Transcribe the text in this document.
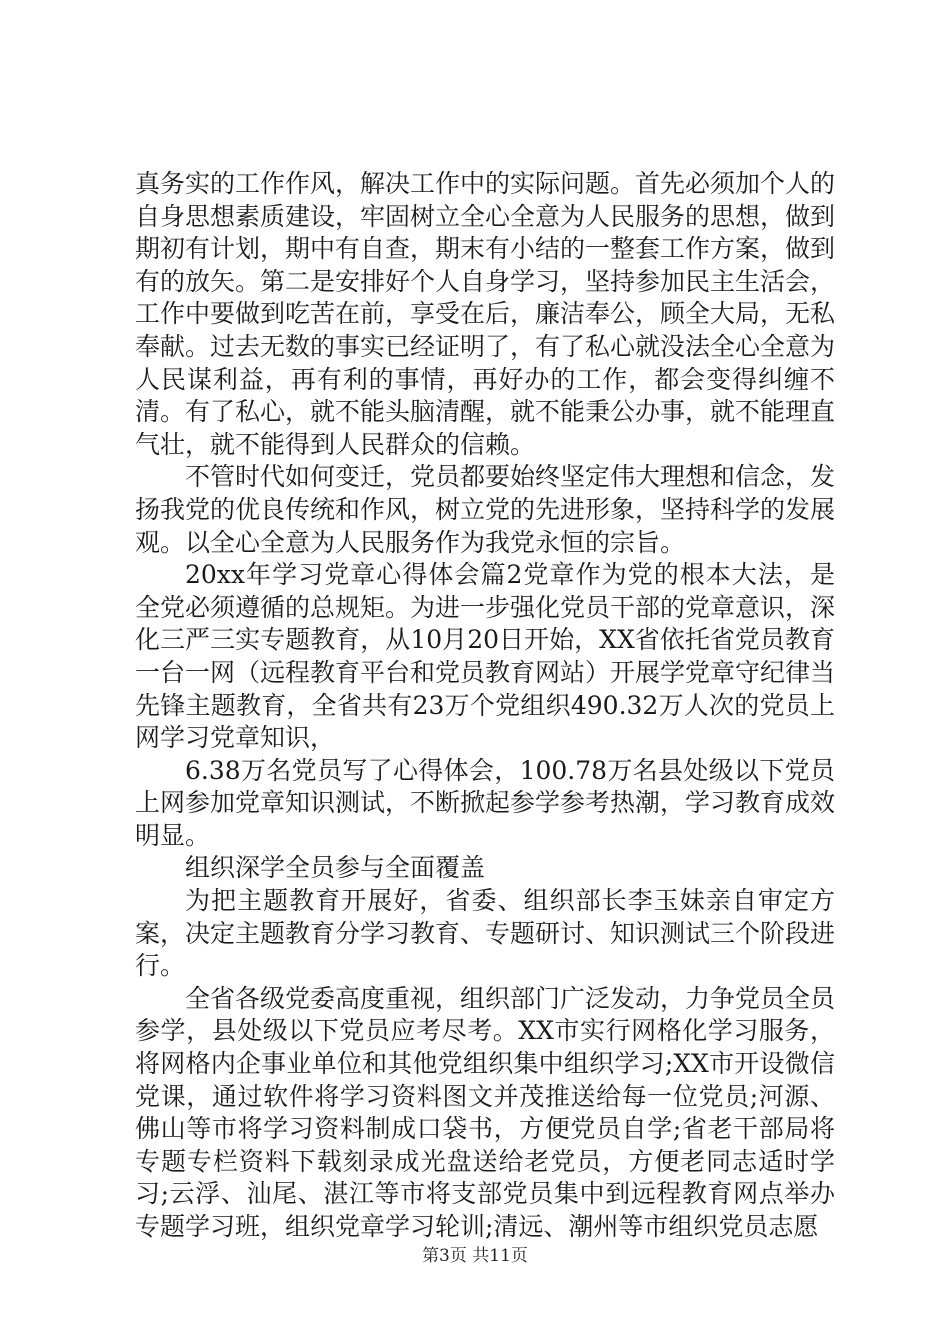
真务实的工作作风，解决工作中的实际问题。首先必须加个人的自身思想素质建设，牢固树立全心全意为人民服务的思想，做到期初有计划，期中有自查，期末有小结的一整套工作方案，做到有的放矢。第二是安排好个人自身学习，坚持参加民主生活会，工作中要做到吃苦在前，享受在后，廉洁奉公，顾全大局，无私奉献。过去无数的事实已经证明了，有了私心就没法全心全意为人民谋利益，再有利的事情，再好办的工作，都会变得纠缠不清。有了私心，就不能头脑清醒，就不能秉公办事，就不能理直气壮，就不能得到人民群众的信赖。

不管时代如何变迁，党员都要始终坚定伟大理想和信念，发扬我党的优良传统和作风，树立党的先进形象，坚持科学的发展观。以全心全意为人民服务作为我党永恒的宗旨。

20xx年学习党章心得体会篇2党章作为党的根本大法，是全党必须遵循的总规矩。为进一步强化党员干部的党章意识，深化三严三实专题教育，从10月20日开始，XX省依托省党员教育一台一网（远程教育平台和党员教育网站）开展学党章守纪律当先锋主题教育，全省共有23万个党组织490.32万人次的党员上网学习党章知识，

6.38万名党员写了心得体会，100.78万名县处级以下党员上网参加党章知识测试，不断掀起参学参考热潮，学习教育成效明显。

组织深学全员参与全面覆盖

为把主题教育开展好，省委、组织部长李玉妹亲自审定方案，决定主题教育分学习教育、专题研讨、知识测试三个阶段进行。

全省各级党委高度重视，组织部门广泛发动，力争党员全员参学，县处级以下党员应考尽考。XX市实行网格化学习服务，将网格内企事业单位和其他党组织集中组织学习;XX市开设微信党课，通过软件将学习资料图文并茂推送给每一位党员;河源、佛山等市将学习资料制成口袋书，方便党员自学;省老干部局将专题专栏资料下载刻录成光盘送给老党员，方便老同志适时学习;云浮、汕尾、湛江等市将支部党员集中到远程教育网点举办专题学习班，组织党章学习轮训;清远、潮州等市组织党员志愿

第3页 共11页
